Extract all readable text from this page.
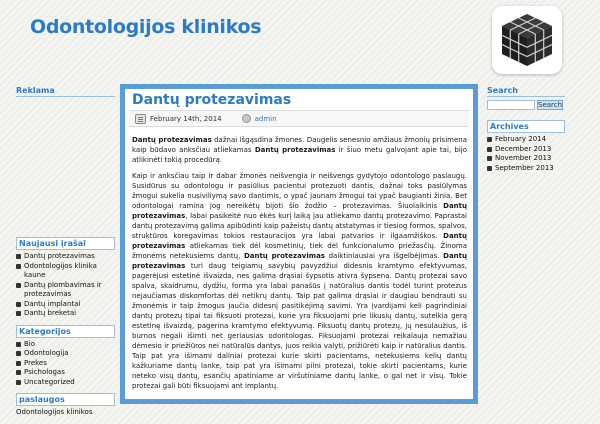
Odontologijos klinikos
Reklama
Naujausi įrašai
Dantų protezavimas
Odontologijos klinika kaune
Dantų plombavimas ir protezavimas
Dantų implantai
Dantų breketai
Kategorijos
Bio
Odontologija
Prekes
Psichologas
Uncategorized
paslaugos
Odontologijos klinikos
Dantų protezavimas
February 14th, 2014	admin

Dantų protezavimas dažnai išgąsdina žmones. Daugelis senesnio amžiaus žmonių prisimena kaip būdavo anksčiau atliekamas Dantų protezavimas ir šiuo metu galvojant apie tai, bijo atlikinėti tokią procedūrą.

Kaip ir anksčiau taip ir dabar žmonės neišvengia ir neišvengs gydytojo odontologo paslaugų. Susidūrus su odontologu ir pasiūlius pacientui protezuoti dantis, dažnai toks pasiūlymas žmogui sukelia nusiviliymą savo dantimis, o ypač jaunam žmogui tai ypač baugianti žinia. Bet odontologai ramina jog nereikėtų bijoti šio žodžio – protezavimas. Šiuolaikinis Dantų protezavimas, labai pasikeitė nuo ėkės kurį laiką jau atliekamo dantų protezavimo. Paprastai dantų protezavimą galima apibūdinti kaip pažeistų dantų atstatymas ir tiesiog formos, spalvos, struktūros koregavimas tokios restauracijos yra labai patvarios ir ilgaamžiškos. Dantų protezavimas atliekamas tiek dėl kosmetinių, tiek dėl funkcionalumo priežasčių. Žinoma žmonėms netekusiems dantų, Dantų protezavimas daiktiniausiai yra išgelbėjimas. Dantų protezavimas turi daug teigiamų savybių pavyzdžiui didesnis kramtymo efektyvumas, pagerėjusi estetinė išvaizda, nes galima drąsiai šypsotis ativra šypsena. Dantų protezai savo spalva, skaidrumu, dydžiu, forma yra labai panašūs į natūralius dantis todėl turint protezus nejaučiamas diskomfortas dėl netikrų dantų. Taip pat galima drąsiai ir daugiau bendrauti su žmonėmis ir taip žmogus jaučia didesnį pasitikėjimą savimi. Yra įvardijami keli pagrindiniai dantų protezų tipai tai fiksuoti protezai, kurie yra fiksuojami prie likusių dantų, sutelkia gerą estetinę išvaizdą, pagerina kramtymo efektyvumą. Fiksuotų dantų protezų, jų nesulaužius, iš burnos negali išimti net geriausias odontologas. Fiksuojami protezai reikalauja nemažiau dėmesio ir priežiūros nei natūralūs dantys, juos reikia valyti, prižiūrėti kaip ir natūralius dantis. Taip pat yra išimami daliniai protezai kurie skirti pacientams, netekusiems kelių dantų kažkuriame dantų lanke, taip pat yra išimami pilni protezai, tokie skirti pacientams, kurie neteko visų dantų, esančių apatiniame ar viršutiniame dantų lanke, o gal net ir visų. Tokie protezai gali būti fiksuojami ant implantų.

Search
Search
Archives
February 2014
December 2013
November 2013
September 2013
